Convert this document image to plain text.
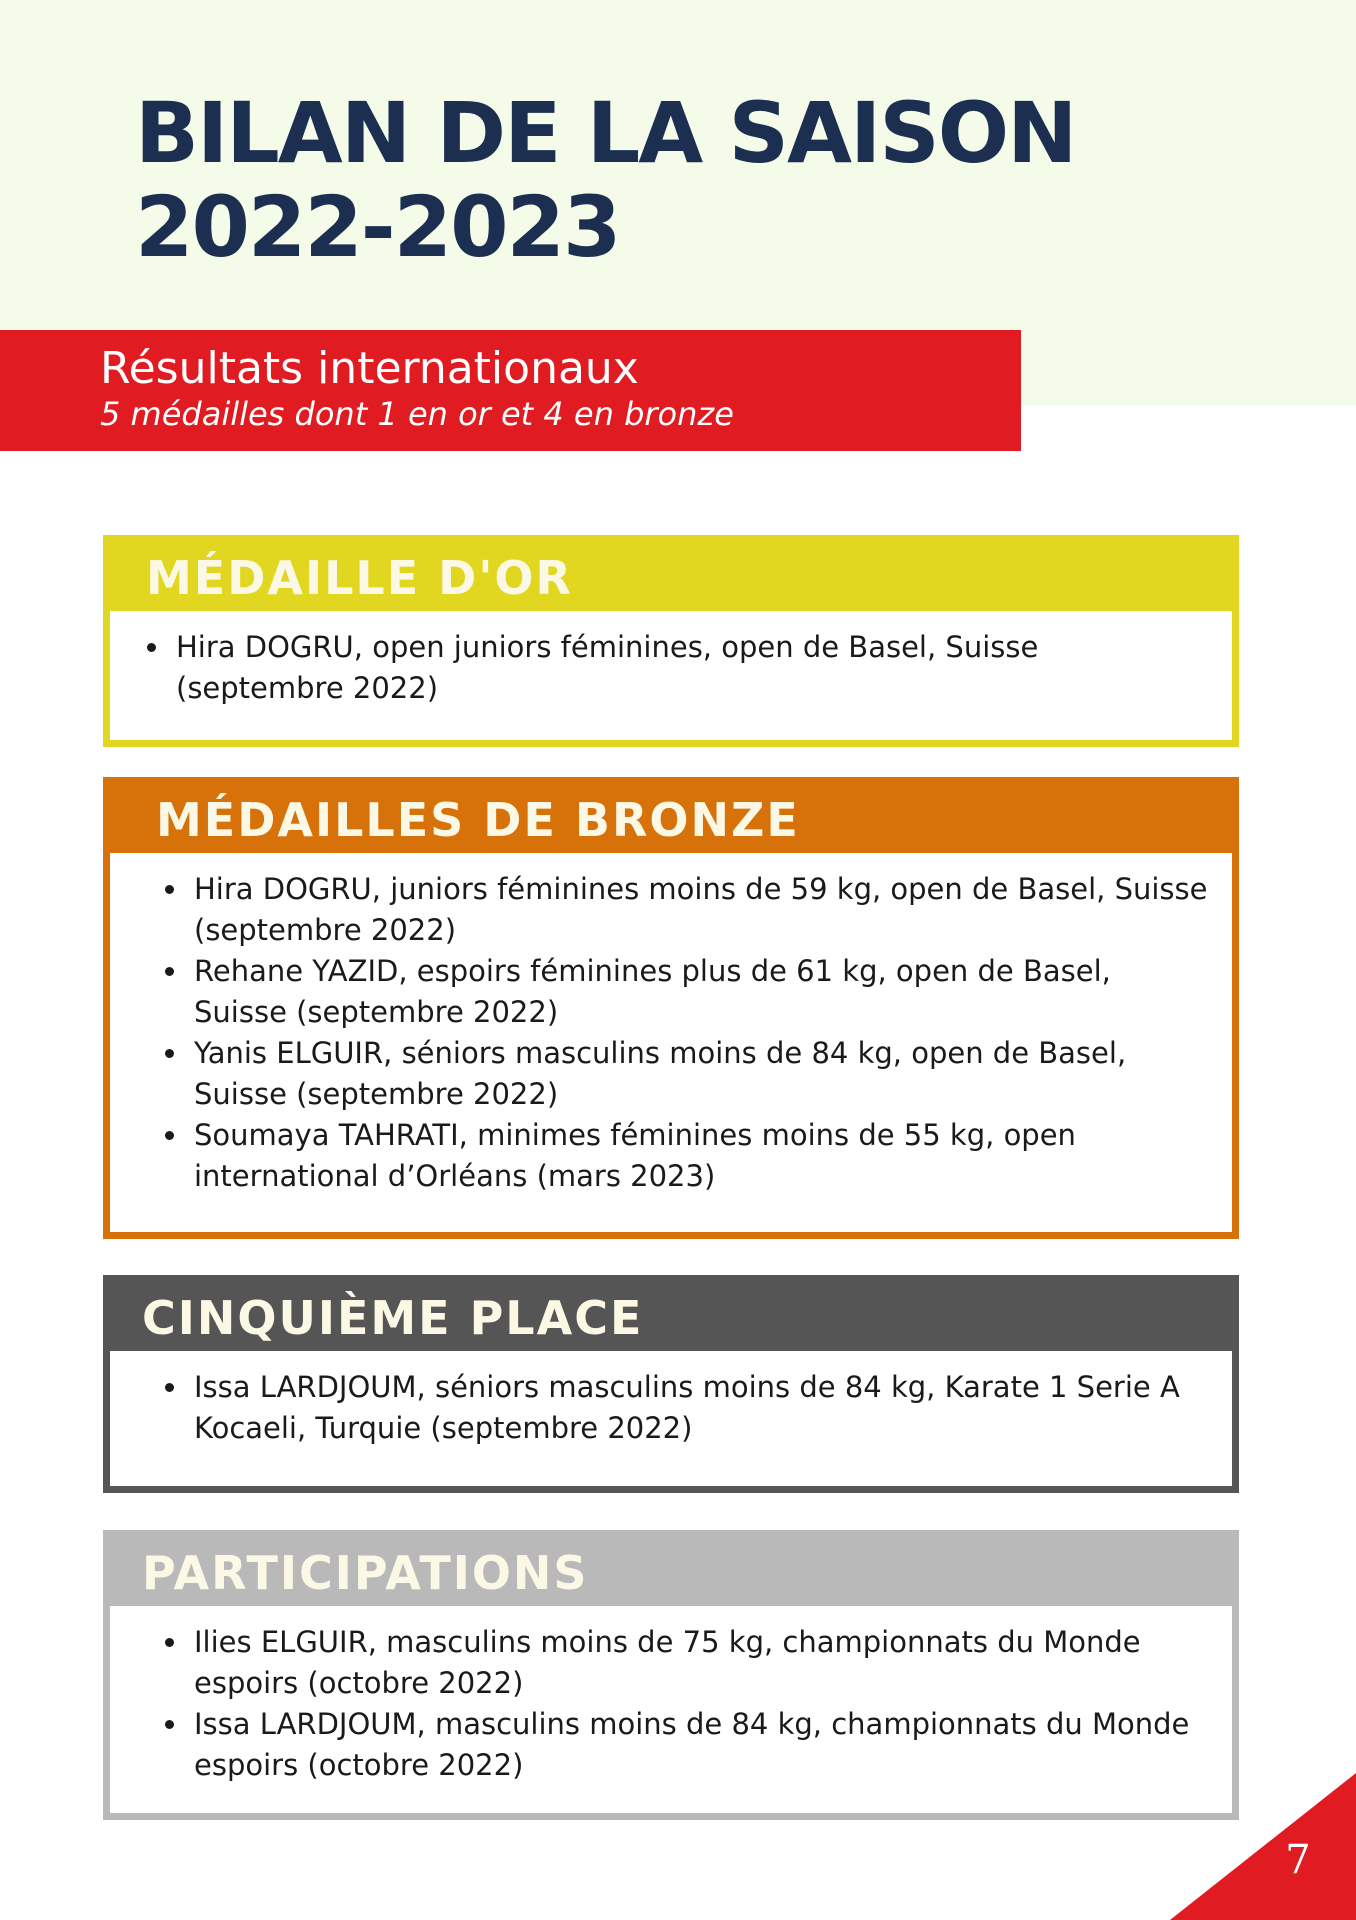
BILAN DE LA SAISON
2022-2023
Résultats internationaux
5 médailles dont 1 en or et 4 en bronze
MÉDAILLE D'OR
• Hira DOGRU, open juniors féminines, open de Basel, Suisse (septembre 2022)
MÉDAILLES DE BRONZE
• Hira DOGRU, juniors féminines moins de 59 kg, open de Basel, Suisse (septembre 2022)
• Rehane YAZID, espoirs féminines plus de 61 kg, open de Basel, Suisse (septembre 2022)
• Yanis ELGUIR, séniors masculins moins de 84 kg, open de Basel, Suisse (septembre 2022)
• Soumaya TAHRATI, minimes féminines moins de 55 kg, open international d’Orléans (mars 2023)
CINQUIÈME PLACE
• Issa LARDJOUM, séniors masculins moins de 84 kg, Karate 1 Serie A Kocaeli, Turquie (septembre 2022)
PARTICIPATIONS
• Ilies ELGUIR, masculins moins de 75 kg, championnats du Monde espoirs (octobre 2022)
• Issa LARDJOUM, masculins moins de 84 kg, championnats du Monde espoirs (octobre 2022)
7
